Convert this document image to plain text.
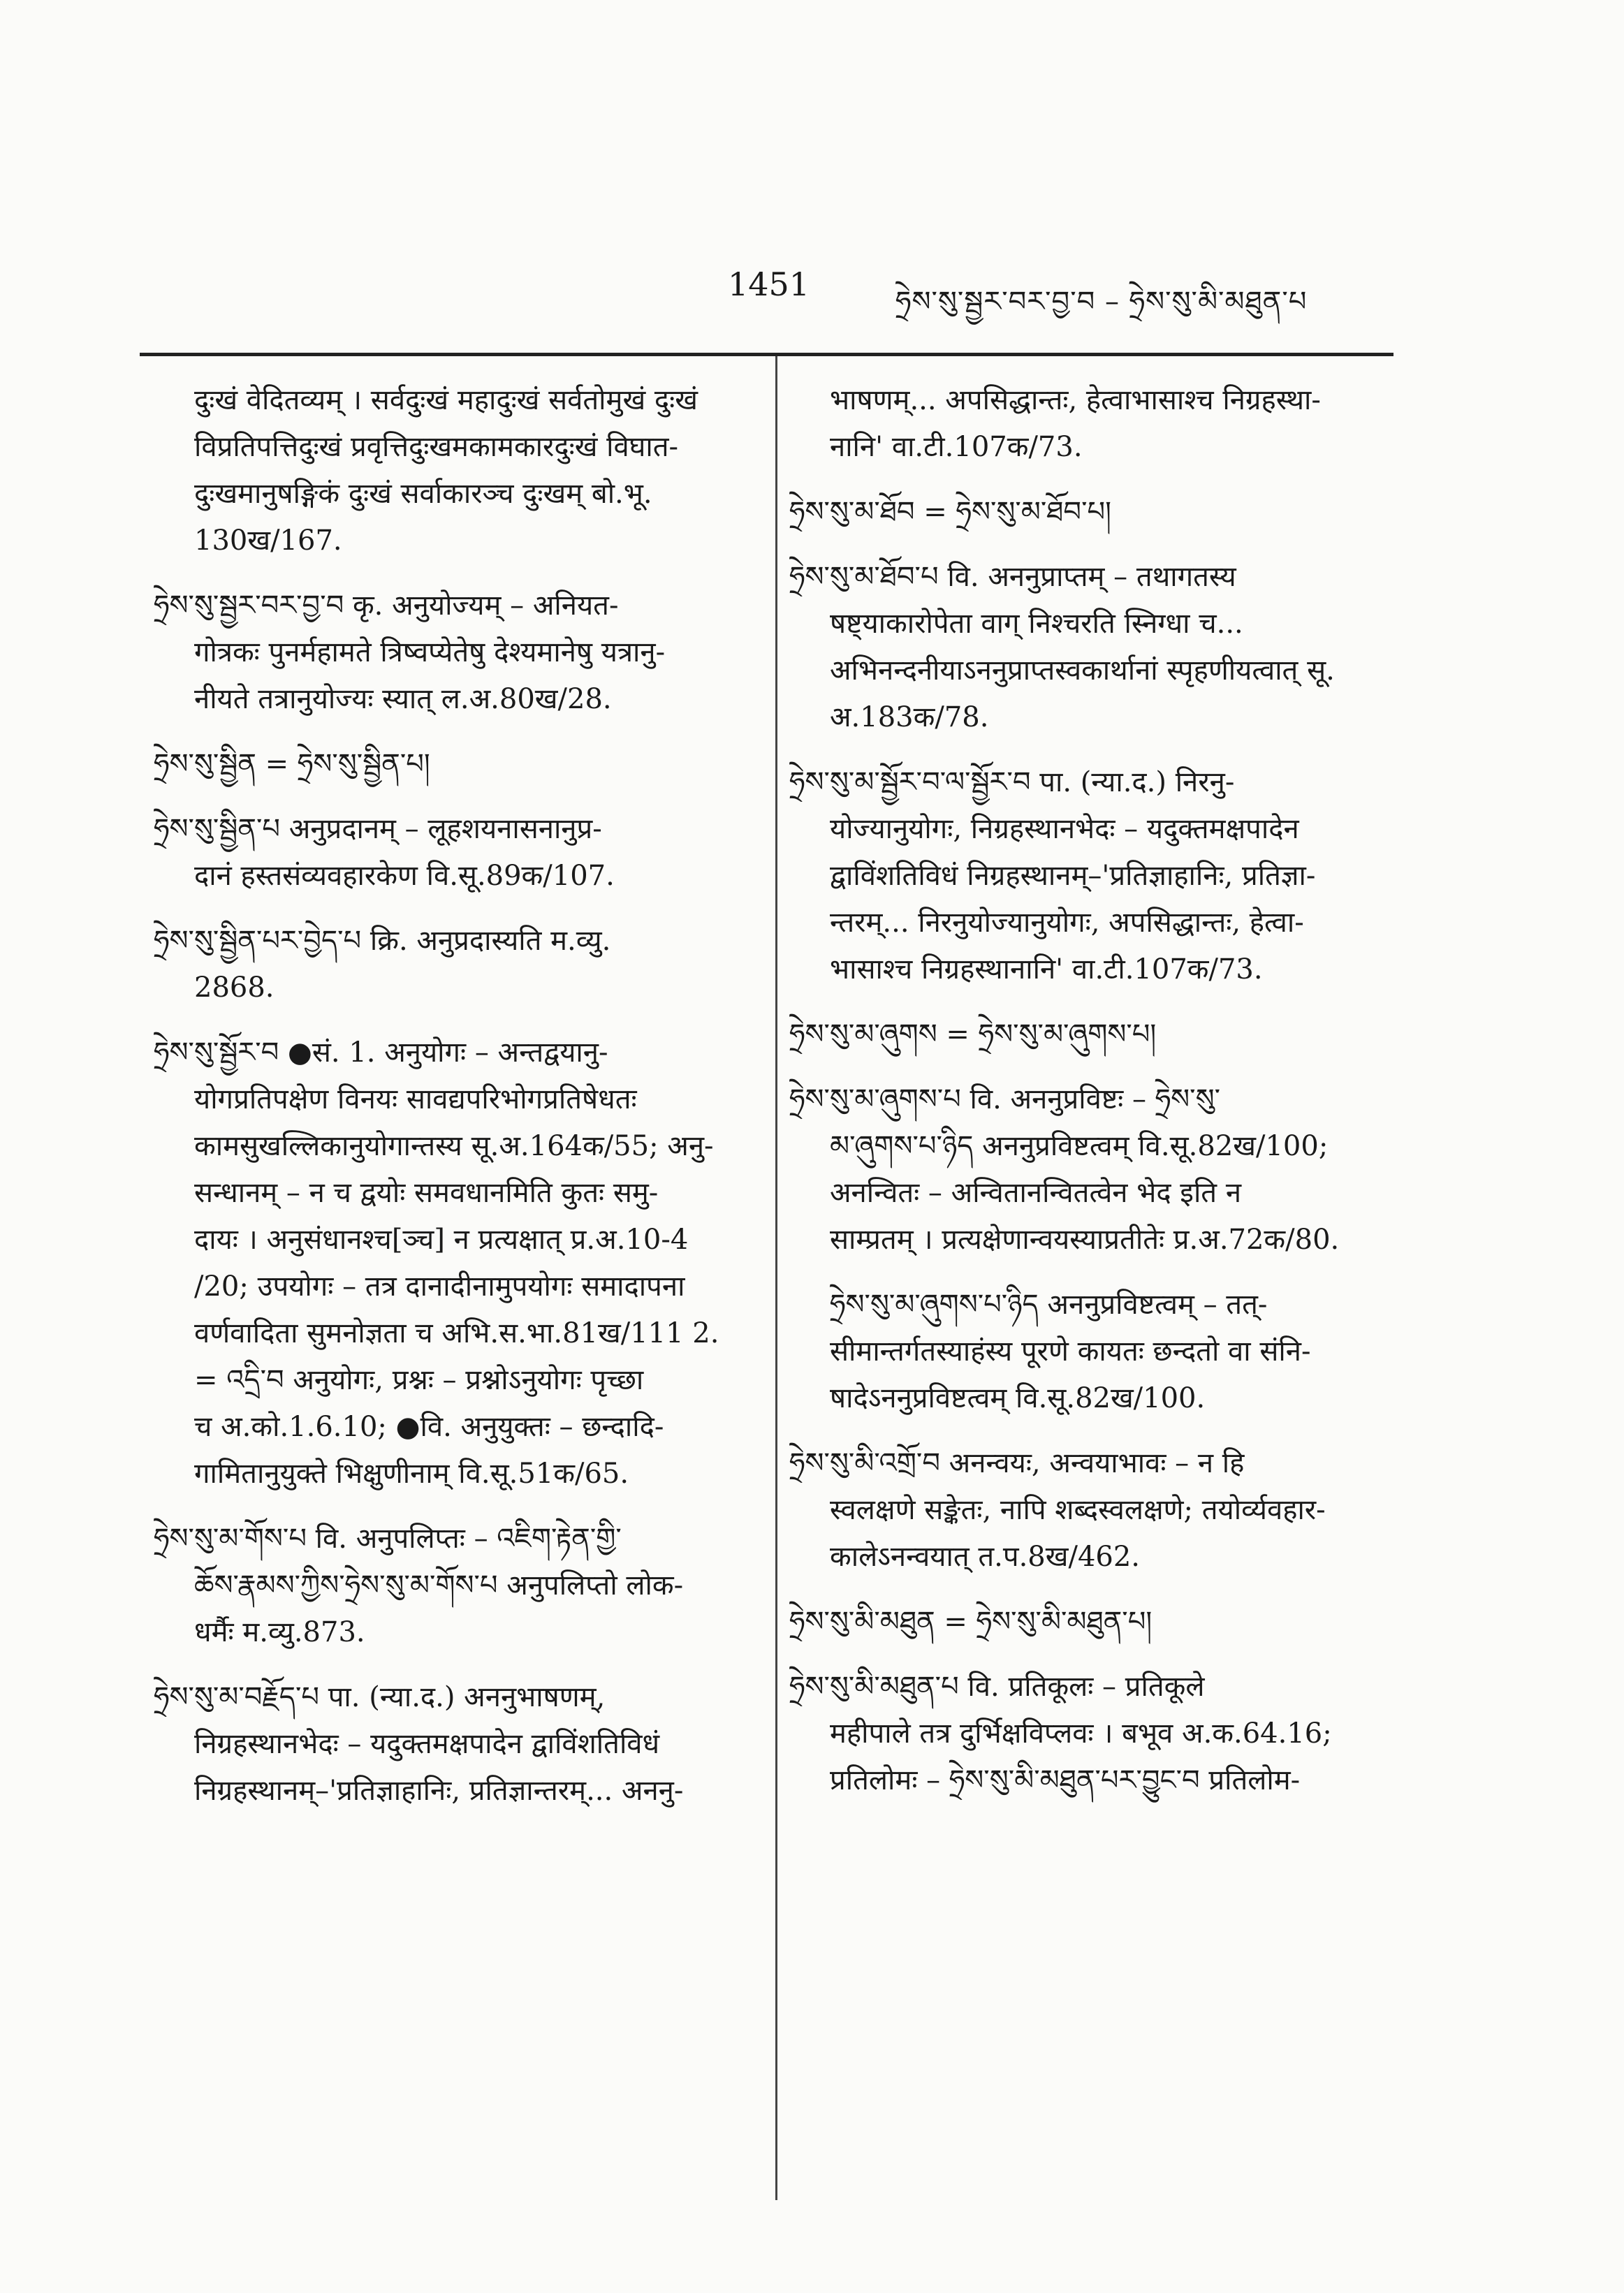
1451	ཧྲེས་སུ་སྦྱར་བར་བྱ་བ – ཧྲེས་སུ་མི་མཐུན་པ
दुःखं वेदितव्यम् । सर्वदुःखं महादुःखं सर्वतोमुखं दुःखं
विप्रतिपत्तिदुःखं प्रवृत्तिदुःखमकामकारदुःखं विघात-
दुःखमानुषङ्गिकं दुःखं सर्वाकारञ्च दुःखम् बो.भू.
130ख/167.
ཧྲེས་སུ་སྦྱར་བར་བྱ་བ कृ. अनुयोज्यम् – अनियत-
गोत्रकः पुनर्महामते त्रिष्वप्येतेषु देश्यमानेषु यत्रानु-
नीयते तत्रानुयोज्यः स्यात् ल.अ.80ख/28.
ཧྲེས་སུ་སྦྱིན = ཧྲེས་སུ་སྦྱིན་པ།
ཧྲེས་སུ་སྦྱིན་པ अनुप्रदानम् – लूहशयनासनानुप्र-
दानं हस्तसंव्यवहारकेण वि.सू.89क/107.
ཧྲེས་སུ་སྦྱིན་པར་བྱེད་པ क्रि. अनुप्रदास्यति म.व्यु.
2868.
ཧྲེས་སུ་སྦྱོར་བ ●सं. 1. अनुयोगः – अन्तद्वयानु-
योगप्रतिपक्षेण विनयः सावद्यपरिभोगप्रतिषेधतः
कामसुखल्लिकानुयोगान्तस्य सू.अ.164क/55; अनु-
सन्धानम् – न च द्वयोः समवधानमिति कुतः समु-
दायः । अनुसंधानश्च[ञ्च] न प्रत्यक्षात् प्र.अ.10-4
/20; उपयोगः – तत्र दानादीनामुपयोगः समादापना
वर्णवादिता सुमनोज्ञता च अभि.स.भा.81ख/111 2.
= འདྲི་བ अनुयोगः, प्रश्नः – प्रश्नोऽनुयोगः पृच्छा
च अ.को.1.6.10; ●वि. अनुयुक्तः – छन्दादि-
गामितानुयुक्ते भिक्षुणीनाम् वि.सू.51क/65.
ཧྲེས་སུ་མ་གོས་པ वि. अनुपलिप्तः – འཇིག་རྟེན་གྱི་
ཆོས་རྣམས་ཀྱིས་ཧྲེས་སུ་མ་གོས་པ अनुपलिप्तो लोक-
धर्मैः म.व्यु.873.
ཧྲེས་སུ་མ་བརྗོད་པ पा. (न्या.द.) अननुभाषणम्,
निग्रहस्थानभेदः – यदुक्तमक्षपादेन द्वाविंशतिविधं
निग्रहस्थानम्–'प्रतिज्ञाहानिः, प्रतिज्ञान्तरम्... अननु-
भाषणम्... अपसिद्धान्तः, हेत्वाभासाश्च निग्रहस्था-
नानि' वा.टी.107क/73.
ཧྲེས་སུ་མ་ཐོབ = ཧྲེས་སུ་མ་ཐོབ་པ།
ཧྲེས་སུ་མ་ཐོབ་པ वि. अननुप्राप्तम् – तथागतस्य
षष्ट्याकारोपेता वाग् निश्चरति स्निग्धा च...
अभिनन्दनीयाऽननुप्राप्तस्वकार्थानां स्पृहणीयत्वात् सू.
अ.183क/78.
ཧྲེས་སུ་མ་སྦྱོར་བ་ལ་སྦྱོར་བ पा. (न्या.द.) निरनु-
योज्यानुयोगः, निग्रहस्थानभेदः – यदुक्तमक्षपादेन
द्वाविंशतिविधं निग्रहस्थानम्–'प्रतिज्ञाहानिः, प्रतिज्ञा-
न्तरम्... निरनुयोज्यानुयोगः, अपसिद्धान्तः, हेत्वा-
भासाश्च निग्रहस्थानानि' वा.टी.107क/73.
ཧྲེས་སུ་མ་ཞུགས = ཧྲེས་སུ་མ་ཞུགས་པ།
ཧྲེས་སུ་མ་ཞུགས་པ वि. अननुप्रविष्टः – ཧྲེས་སུ་
མ་ཞུགས་པ་ཉིད अननुप्रविष्टत्वम् वि.सू.82ख/100;
अनन्वितः – अन्वितानन्वितत्वेन भेद इति न
साम्प्रतम् । प्रत्यक्षेणान्वयस्याप्रतीतेः प्र.अ.72क/80.
ཧྲེས་སུ་མ་ཞུགས་པ་ཉིད अननुप्रविष्टत्वम् – तत्-
सीमान्तर्गतस्याहंस्य पूरणे कायतः छन्दतो वा संनि-
षादेऽननुप्रविष्टत्वम् वि.सू.82ख/100.
ཧྲེས་སུ་མི་འགྲོ་བ अनन्वयः, अन्वयाभावः – न हि
स्वलक्षणे सङ्केतः, नापि शब्दस्वलक्षणे; तयोर्व्यवहार-
कालेऽनन्वयात् त.प.8ख/462.
ཧྲེས་སུ་མི་མཐུན = ཧྲེས་སུ་མི་མཐུན་པ།
ཧྲེས་སུ་མི་མཐུན་པ वि. प्रतिकूलः – प्रतिकूले
महीपाले तत्र दुर्भिक्षविप्लवः । बभूव अ.क.64.16;
प्रतिलोमः – ཧྲེས་སུ་མི་མཐུན་པར་བྱུང་བ प्रतिलोम-
